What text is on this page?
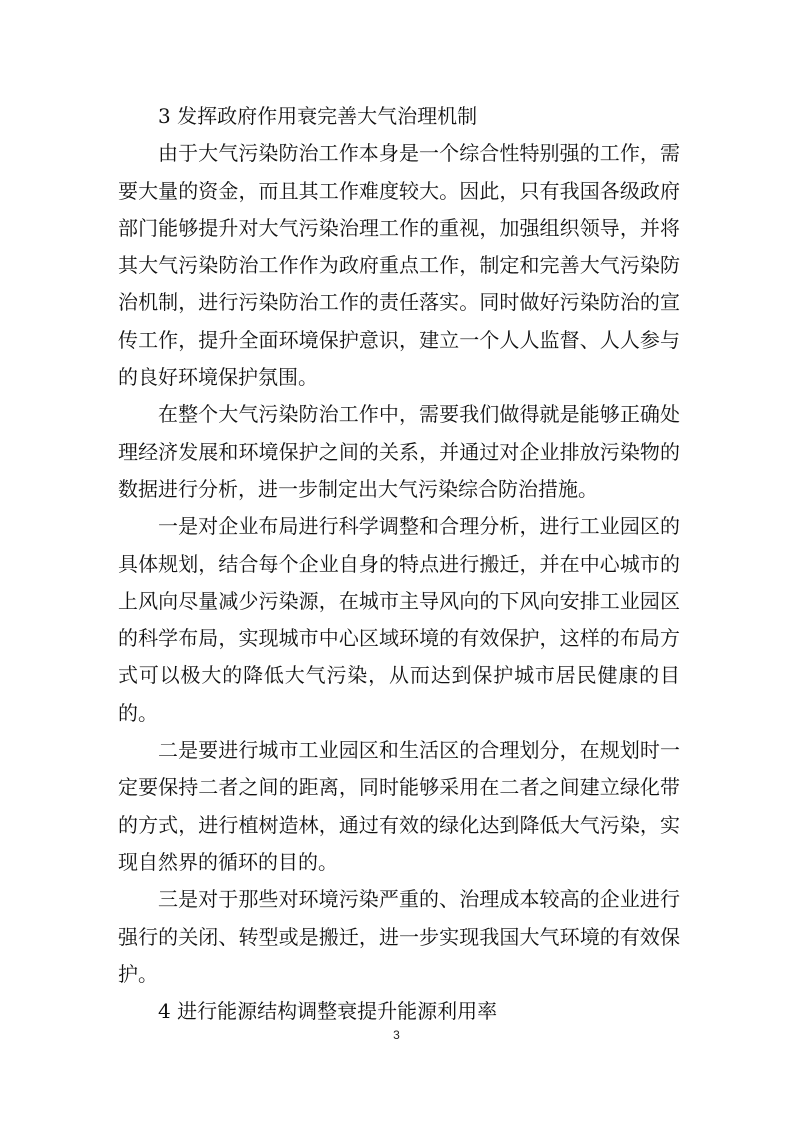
3 发挥政府作用衰完善大气治理机制

由于大气污染防治工作本身是一个综合性特别强的工作，需要大量的资金，而且其工作难度较大。因此，只有我国各级政府部门能够提升对大气污染治理工作的重视，加强组织领导，并将其大气污染防治工作作为政府重点工作，制定和完善大气污染防治机制，进行污染防治工作的责任落实。同时做好污染防治的宣传工作，提升全面环境保护意识，建立一个人人监督、人人参与的良好环境保护氛围。

在整个大气污染防治工作中，需要我们做得就是能够正确处理经济发展和环境保护之间的关系，并通过对企业排放污染物的数据进行分析，进一步制定出大气污染综合防治措施。

一是对企业布局进行科学调整和合理分析，进行工业园区的具体规划，结合每个企业自身的特点进行搬迁，并在中心城市的上风向尽量减少污染源，在城市主导风向的下风向安排工业园区的科学布局，实现城市中心区域环境的有效保护，这样的布局方式可以极大的降低大气污染，从而达到保护城市居民健康的目的。

二是要进行城市工业园区和生活区的合理划分，在规划时一定要保持二者之间的距离，同时能够采用在二者之间建立绿化带的方式，进行植树造林，通过有效的绿化达到降低大气污染，实现自然界的循环的目的。

三是对于那些对环境污染严重的、治理成本较高的企业进行强行的关闭、转型或是搬迁，进一步实现我国大气环境的有效保护。

4 进行能源结构调整衰提升能源利用率

3
